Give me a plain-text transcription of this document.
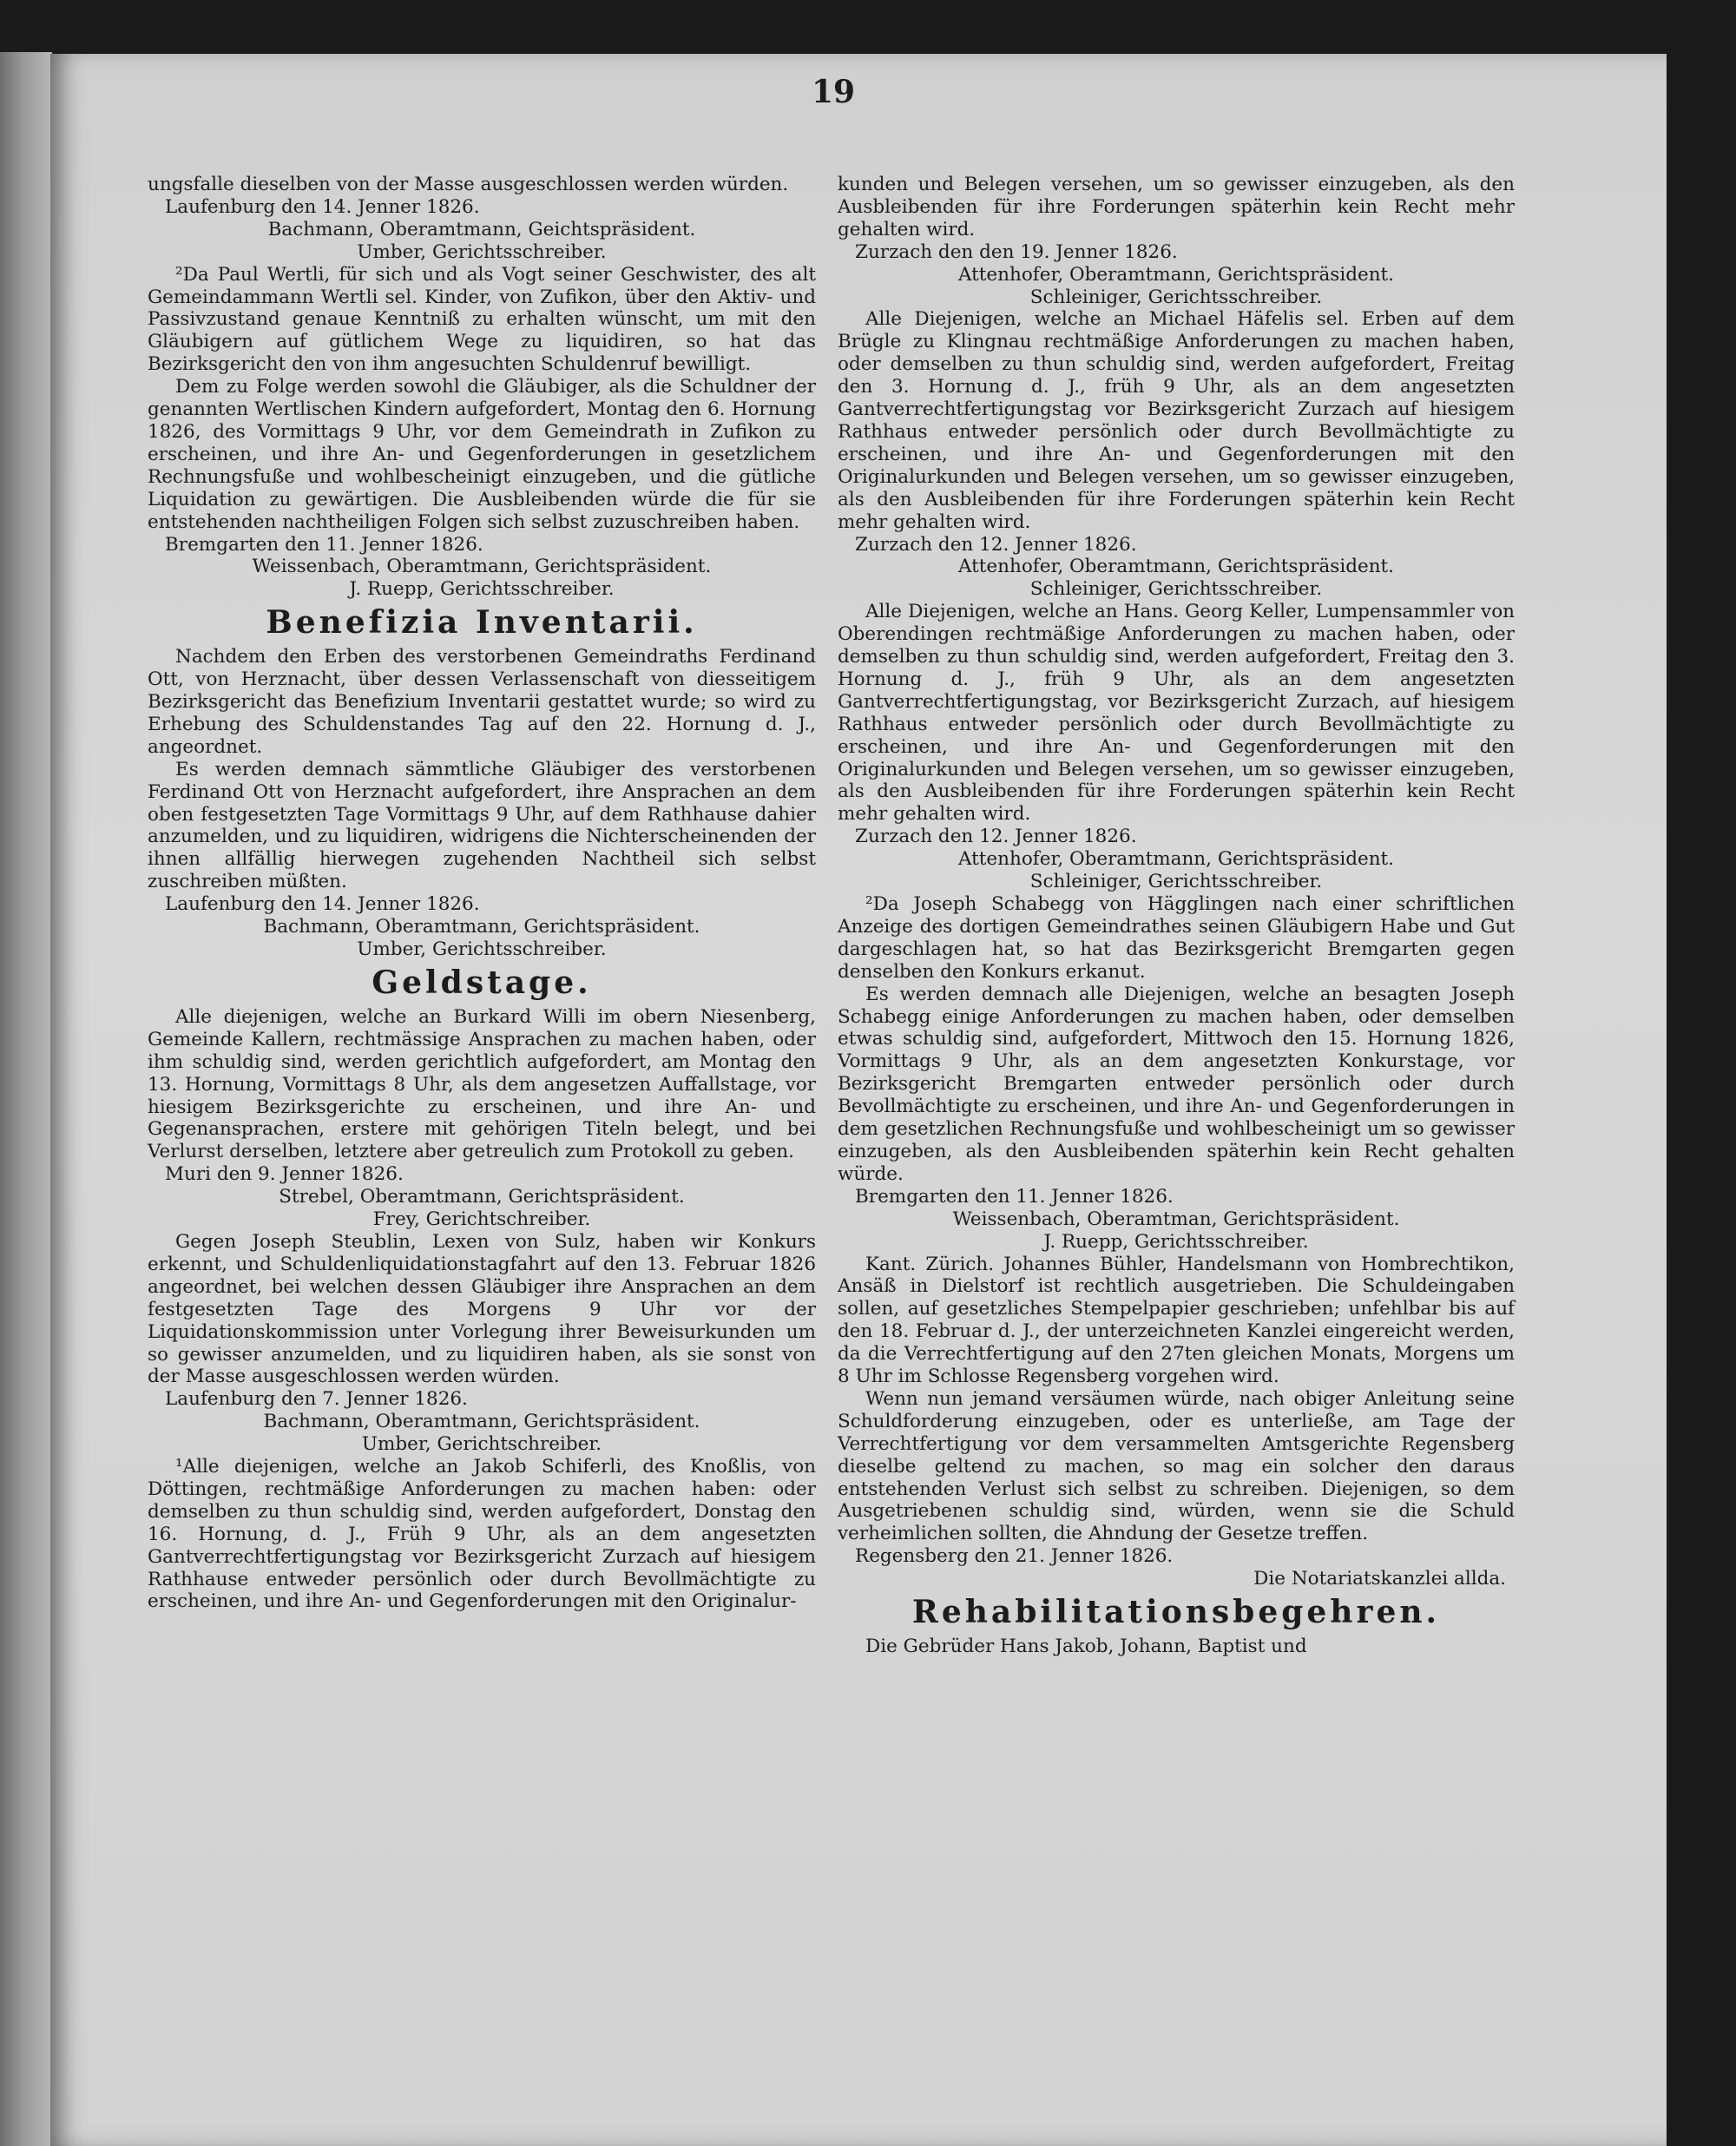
19

ungsfalle dieselben von der Masse ausgeschlossen werden würden.

Laufenburg den 14. Jenner 1826.

Bachmann, Oberamtmann, Geichtspräsident.

Umber, Gerichtsschreiber.

²Da Paul Wertli, für sich und als Vogt seiner Geschwister, des alt Gemeindammann Wertli sel. Kinder, von Zufikon, über den Aktiv- und Passivzustand genaue Kenntniß zu erhalten wünscht, um mit den Gläubigern auf gütlichem Wege zu liquidiren, so hat das Bezirksgericht den von ihm angesuchten Schuldenruf bewilligt.

Dem zu Folge werden sowohl die Gläubiger, als die Schuldner der genannten Wertlischen Kindern aufgefordert, Montag den 6. Hornung 1826, des Vormittags 9 Uhr, vor dem Gemeindrath in Zufikon zu erscheinen, und ihre An- und Gegenforderungen in gesetzlichem Rechnungsfuße und wohlbescheinigt einzugeben, und die gütliche Liquidation zu gewärtigen. Die Ausbleibenden würde die für sie entstehenden nachtheiligen Folgen sich selbst zuzuschreiben haben.

Bremgarten den 11. Jenner 1826.

Weissenbach, Oberamtmann, Gerichtspräsident.

J. Ruepp, Gerichtsschreiber.

Benefizia Inventarii.

Nachdem den Erben des verstorbenen Gemeindraths Ferdinand Ott, von Herznacht, über dessen Verlassenschaft von diesseitigem Bezirksgericht das Benefizium Inventarii gestattet wurde; so wird zu Erhebung des Schuldenstandes Tag auf den 22. Hornung d. J., angeordnet.

Es werden demnach sämmtliche Gläubiger des verstorbenen Ferdinand Ott von Herznacht aufgefordert, ihre Ansprachen an dem oben festgesetzten Tage Vormittags 9 Uhr, auf dem Rathhause dahier anzumelden, und zu liquidiren, widrigens die Nichterscheinenden der ihnen allfällig hierwegen zugehenden Nachtheil sich selbst zuschreiben müßten.

Laufenburg den 14. Jenner 1826.

Bachmann, Oberamtmann, Gerichtspräsident.

Umber, Gerichtsschreiber.

Geldstage.

Alle diejenigen, welche an Burkard Willi im obern Niesenberg, Gemeinde Kallern, rechtmässige Ansprachen zu machen haben, oder ihm schuldig sind, werden gerichtlich aufgefordert, am Montag den 13. Hornung, Vormittags 8 Uhr, als dem angesetzen Auffallstage, vor hiesigem Bezirksgerichte zu erscheinen, und ihre An- und Gegenansprachen, erstere mit gehörigen Titeln belegt, und bei Verlurst derselben, letztere aber getreulich zum Protokoll zu geben.

Muri den 9. Jenner 1826.

Strebel, Oberamtmann, Gerichtspräsident.

Frey, Gerichtschreiber.

Gegen Joseph Steublin, Lexen von Sulz, haben wir Konkurs erkennt, und Schuldenliquidationstagfahrt auf den 13. Februar 1826 angeordnet, bei welchen dessen Gläubiger ihre Ansprachen an dem festgesetzten Tage des Morgens 9 Uhr vor der Liquidationskommission unter Vorlegung ihrer Beweisurkunden um so gewisser anzumelden, und zu liquidiren haben, als sie sonst von der Masse ausgeschlossen werden würden.

Laufenburg den 7. Jenner 1826.

Bachmann, Oberamtmann, Gerichtspräsident.

Umber, Gerichtschreiber.

¹Alle diejenigen, welche an Jakob Schiferli, des Knoßlis, von Döttingen, rechtmäßige Anforderungen zu machen haben: oder demselben zu thun schuldig sind, werden aufgefordert, Donstag den 16. Hornung, d. J., Früh 9 Uhr, als an dem angesetzten Gantverrechtfertigungstag vor Bezirksgericht Zurzach auf hiesigem Rathhause entweder persönlich oder durch Bevollmächtigte zu erscheinen, und ihre An- und Gegenforderungen mit den Originalur-

kunden und Belegen versehen, um so gewisser einzugeben, als den Ausbleibenden für ihre Forderungen späterhin kein Recht mehr gehalten wird.

Zurzach den den 19. Jenner 1826.

Attenhofer, Oberamtmann, Gerichtspräsident.

Schleiniger, Gerichtsschreiber.

Alle Diejenigen, welche an Michael Häfelis sel. Erben auf dem Brügle zu Klingnau rechtmäßige Anforderungen zu machen haben, oder demselben zu thun schuldig sind, werden aufgefordert, Freitag den 3. Hornung d. J., früh 9 Uhr, als an dem angesetzten Gantverrechtfertigungstag vor Bezirksgericht Zurzach auf hiesigem Rathhaus entweder persönlich oder durch Bevollmächtigte zu erscheinen, und ihre An- und Gegenforderungen mit den Originalurkunden und Belegen versehen, um so gewisser einzugeben, als den Ausbleibenden für ihre Forderungen späterhin kein Recht mehr gehalten wird.

Zurzach den 12. Jenner 1826.

Attenhofer, Oberamtmann, Gerichtspräsident.

Schleiniger, Gerichtsschreiber.

Alle Diejenigen, welche an Hans. Georg Keller, Lumpensammler von Oberendingen rechtmäßige Anforderungen zu machen haben, oder demselben zu thun schuldig sind, werden aufgefordert, Freitag den 3. Hornung d. J., früh 9 Uhr, als an dem angesetzten Gantverrechtfertigungstag, vor Bezirksgericht Zurzach, auf hiesigem Rathhaus entweder persönlich oder durch Bevollmächtigte zu erscheinen, und ihre An- und Gegenforderungen mit den Originalurkunden und Belegen versehen, um so gewisser einzugeben, als den Ausbleibenden für ihre Forderungen späterhin kein Recht mehr gehalten wird.

Zurzach den 12. Jenner 1826.

Attenhofer, Oberamtmann, Gerichtspräsident.

Schleiniger, Gerichtsschreiber.

²Da Joseph Schabegg von Hägglingen nach einer schriftlichen Anzeige des dortigen Gemeindrathes seinen Gläubigern Habe und Gut dargeschlagen hat, so hat das Bezirksgericht Bremgarten gegen denselben den Konkurs erkanut.

Es werden demnach alle Diejenigen, welche an besagten Joseph Schabegg einige Anforderungen zu machen haben, oder demselben etwas schuldig sind, aufgefordert, Mittwoch den 15. Hornung 1826, Vormittags 9 Uhr, als an dem angesetzten Konkurstage, vor Bezirksgericht Bremgarten entweder persönlich oder durch Bevollmächtigte zu erscheinen, und ihre An- und Gegenforderungen in dem gesetzlichen Rechnungsfuße und wohlbescheinigt um so gewisser einzugeben, als den Ausbleibenden späterhin kein Recht gehalten würde.

Bremgarten den 11. Jenner 1826.

Weissenbach, Oberamtman, Gerichtspräsident.

J. Ruepp, Gerichtsschreiber.

Kant. Zürich. Johannes Bühler, Handelsmann von Hombrechtikon, Ansäß in Dielstorf ist rechtlich ausgetrieben. Die Schuldeingaben sollen, auf gesetzliches Stempelpapier geschrieben; unfehlbar bis auf den 18. Februar d. J., der unterzeichneten Kanzlei eingereicht werden, da die Verrechtfertigung auf den 27ten gleichen Monats, Morgens um 8 Uhr im Schlosse Regensberg vorgehen wird.

Wenn nun jemand versäumen würde, nach obiger Anleitung seine Schuldforderung einzugeben, oder es unterließe, am Tage der Verrechtfertigung vor dem versammelten Amtsgerichte Regensberg dieselbe geltend zu machen, so mag ein solcher den daraus entstehenden Verlust sich selbst zu schreiben. Diejenigen, so dem Ausgetriebenen schuldig sind, würden, wenn sie die Schuld verheimlichen sollten, die Ahndung der Gesetze treffen.

Regensberg den 21. Jenner 1826.

Die Notariatskanzlei allda.

Rehabilitationsbegehren.

Die Gebrüder Hans Jakob, Johann, Baptist und
